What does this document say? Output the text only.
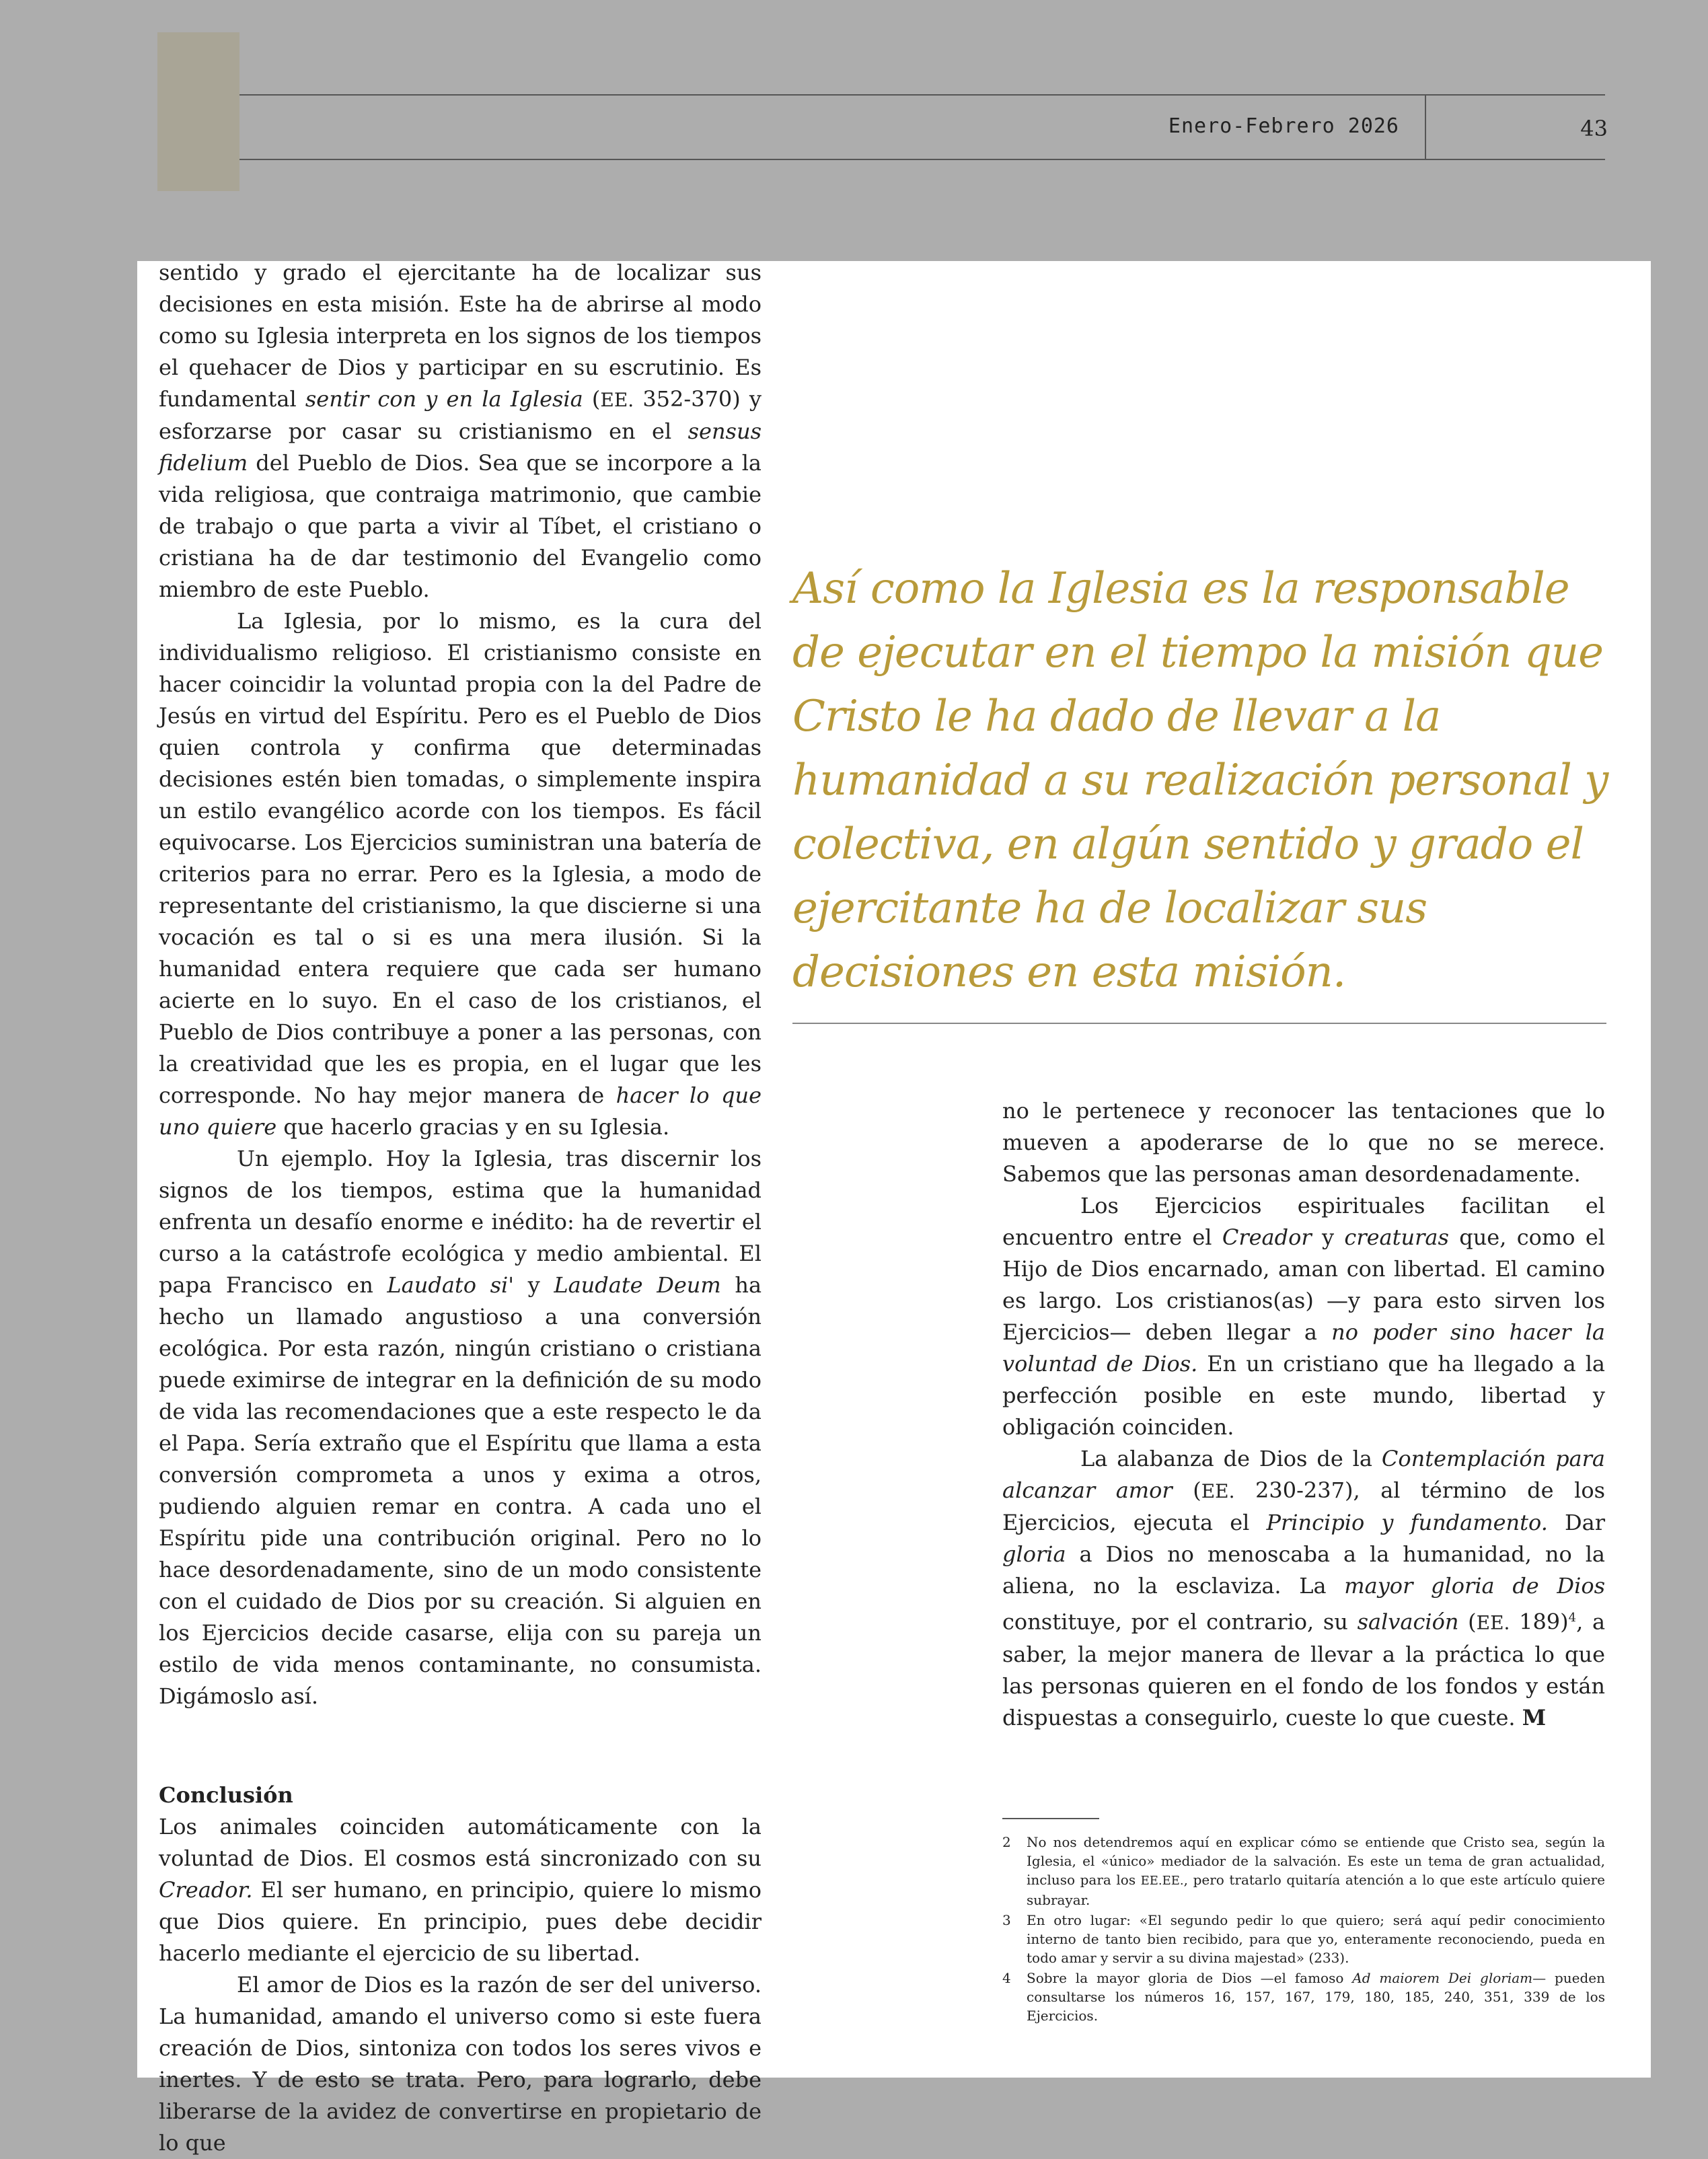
Enero-Febrero 2026	43

sentido y grado el ejercitante ha de localizar sus decisiones en esta misión. Este ha de abrirse al modo como su Iglesia interpreta en los signos de los tiempos el quehacer de Dios y participar en su escrutinio. Es fundamental sentir con y en la Iglesia (EE. 352-370) y esforzarse por casar su cristianismo en el sensus fidelium del Pueblo de Dios. Sea que se incorpore a la vida religiosa, que contraiga matrimonio, que cambie de trabajo o que parta a vivir al Tíbet, el cristiano o cristiana ha de dar testimonio del Evangelio como miembro de este Pueblo.

La Iglesia, por lo mismo, es la cura del individualismo religioso. El cristianismo consiste en hacer coincidir la voluntad propia con la del Padre de Jesús en virtud del Espíritu. Pero es el Pueblo de Dios quien controla y confirma que determinadas decisiones estén bien tomadas, o simplemente inspira un estilo evangélico acorde con los tiempos. Es fácil equivocarse. Los Ejercicios suministran una batería de criterios para no errar. Pero es la Iglesia, a modo de representante del cristianismo, la que discierne si una vocación es tal o si es una mera ilusión. Si la humanidad entera requiere que cada ser humano acierte en lo suyo. En el caso de los cristianos, el Pueblo de Dios contribuye a poner a las personas, con la creatividad que les es propia, en el lugar que les corresponde. No hay mejor manera de hacer lo que uno quiere que hacerlo gracias y en su Iglesia.

Un ejemplo. Hoy la Iglesia, tras discernir los signos de los tiempos, estima que la humanidad enfrenta un desafío enorme e inédito: ha de revertir el curso a la catástrofe ecológica y medio ambiental. El papa Francisco en Laudato si' y Laudate Deum ha hecho un llamado angustioso a una conversión ecológica. Por esta razón, ningún cristiano o cristiana puede eximirse de integrar en la definición de su modo de vida las recomendaciones que a este respecto le da el Papa. Sería extraño que el Espíritu que llama a esta conversión comprometa a unos y exima a otros, pudiendo alguien remar en contra. A cada uno el Espíritu pide una contribución original. Pero no lo hace desordenadamente, sino de un modo consistente con el cuidado de Dios por su creación. Si alguien en los Ejercicios decide casarse, elija con su pareja un estilo de vida menos contaminante, no consumista. Digámoslo así.

Conclusión

Los animales coinciden automáticamente con la voluntad de Dios. El cosmos está sincronizado con su Creador. El ser humano, en principio, quiere lo mismo que Dios quiere. En principio, pues debe decidir hacerlo mediante el ejercicio de su libertad.

El amor de Dios es la razón de ser del universo. La humanidad, amando el universo como si este fuera creación de Dios, sintoniza con todos los seres vivos e inertes. Y de esto se trata. Pero, para lograrlo, debe liberarse de la avidez de convertirse en propietario de lo que

Así como la Iglesia es la responsable de ejecutar en el tiempo la misión que Cristo le ha dado de llevar a la humanidad a su realización personal y colectiva, en algún sentido y grado el ejercitante ha de localizar sus decisiones en esta misión.

no le pertenece y reconocer las tentaciones que lo mueven a apoderarse de lo que no se merece. Sabemos que las personas aman desordenadamente.

Los Ejercicios espirituales facilitan el encuentro entre el Creador y creaturas que, como el Hijo de Dios encarnado, aman con libertad. El camino es largo. Los cristianos(as) —y para esto sirven los Ejercicios— deben llegar a no poder sino hacer la voluntad de Dios. En un cristiano que ha llegado a la perfección posible en este mundo, libertad y obligación coinciden.

La alabanza de Dios de la Contemplación para alcanzar amor (EE. 230-237), al término de los Ejercicios, ejecuta el Principio y fundamento. Dar gloria a Dios no menoscaba a la humanidad, no la aliena, no la esclaviza. La mayor gloria de Dios constituye, por el contrario, su salvación (EE. 189)$^4$, a saber, la mejor manera de llevar a la práctica lo que las personas quieren en el fondo de los fondos y están dispuestas a conseguirlo, cueste lo que cueste. M

2	No nos detendremos aquí en explicar cómo se entiende que Cristo sea, según la Iglesia, el «único» mediador de la salvación. Es este un tema de gran actualidad, incluso para los EE.EE., pero tratarlo quitaría atención a lo que este artículo quiere subrayar.
3	En otro lugar: «El segundo pedir lo que quiero; será aquí pedir conocimiento interno de tanto bien recibido, para que yo, enteramente reconociendo, pueda en todo amar y servir a su divina majestad» (233).
4	Sobre la mayor gloria de Dios —el famoso Ad maiorem Dei gloriam— pueden consultarse los números 16, 157, 167, 179, 180, 185, 240, 351, 339 de los Ejercicios.
